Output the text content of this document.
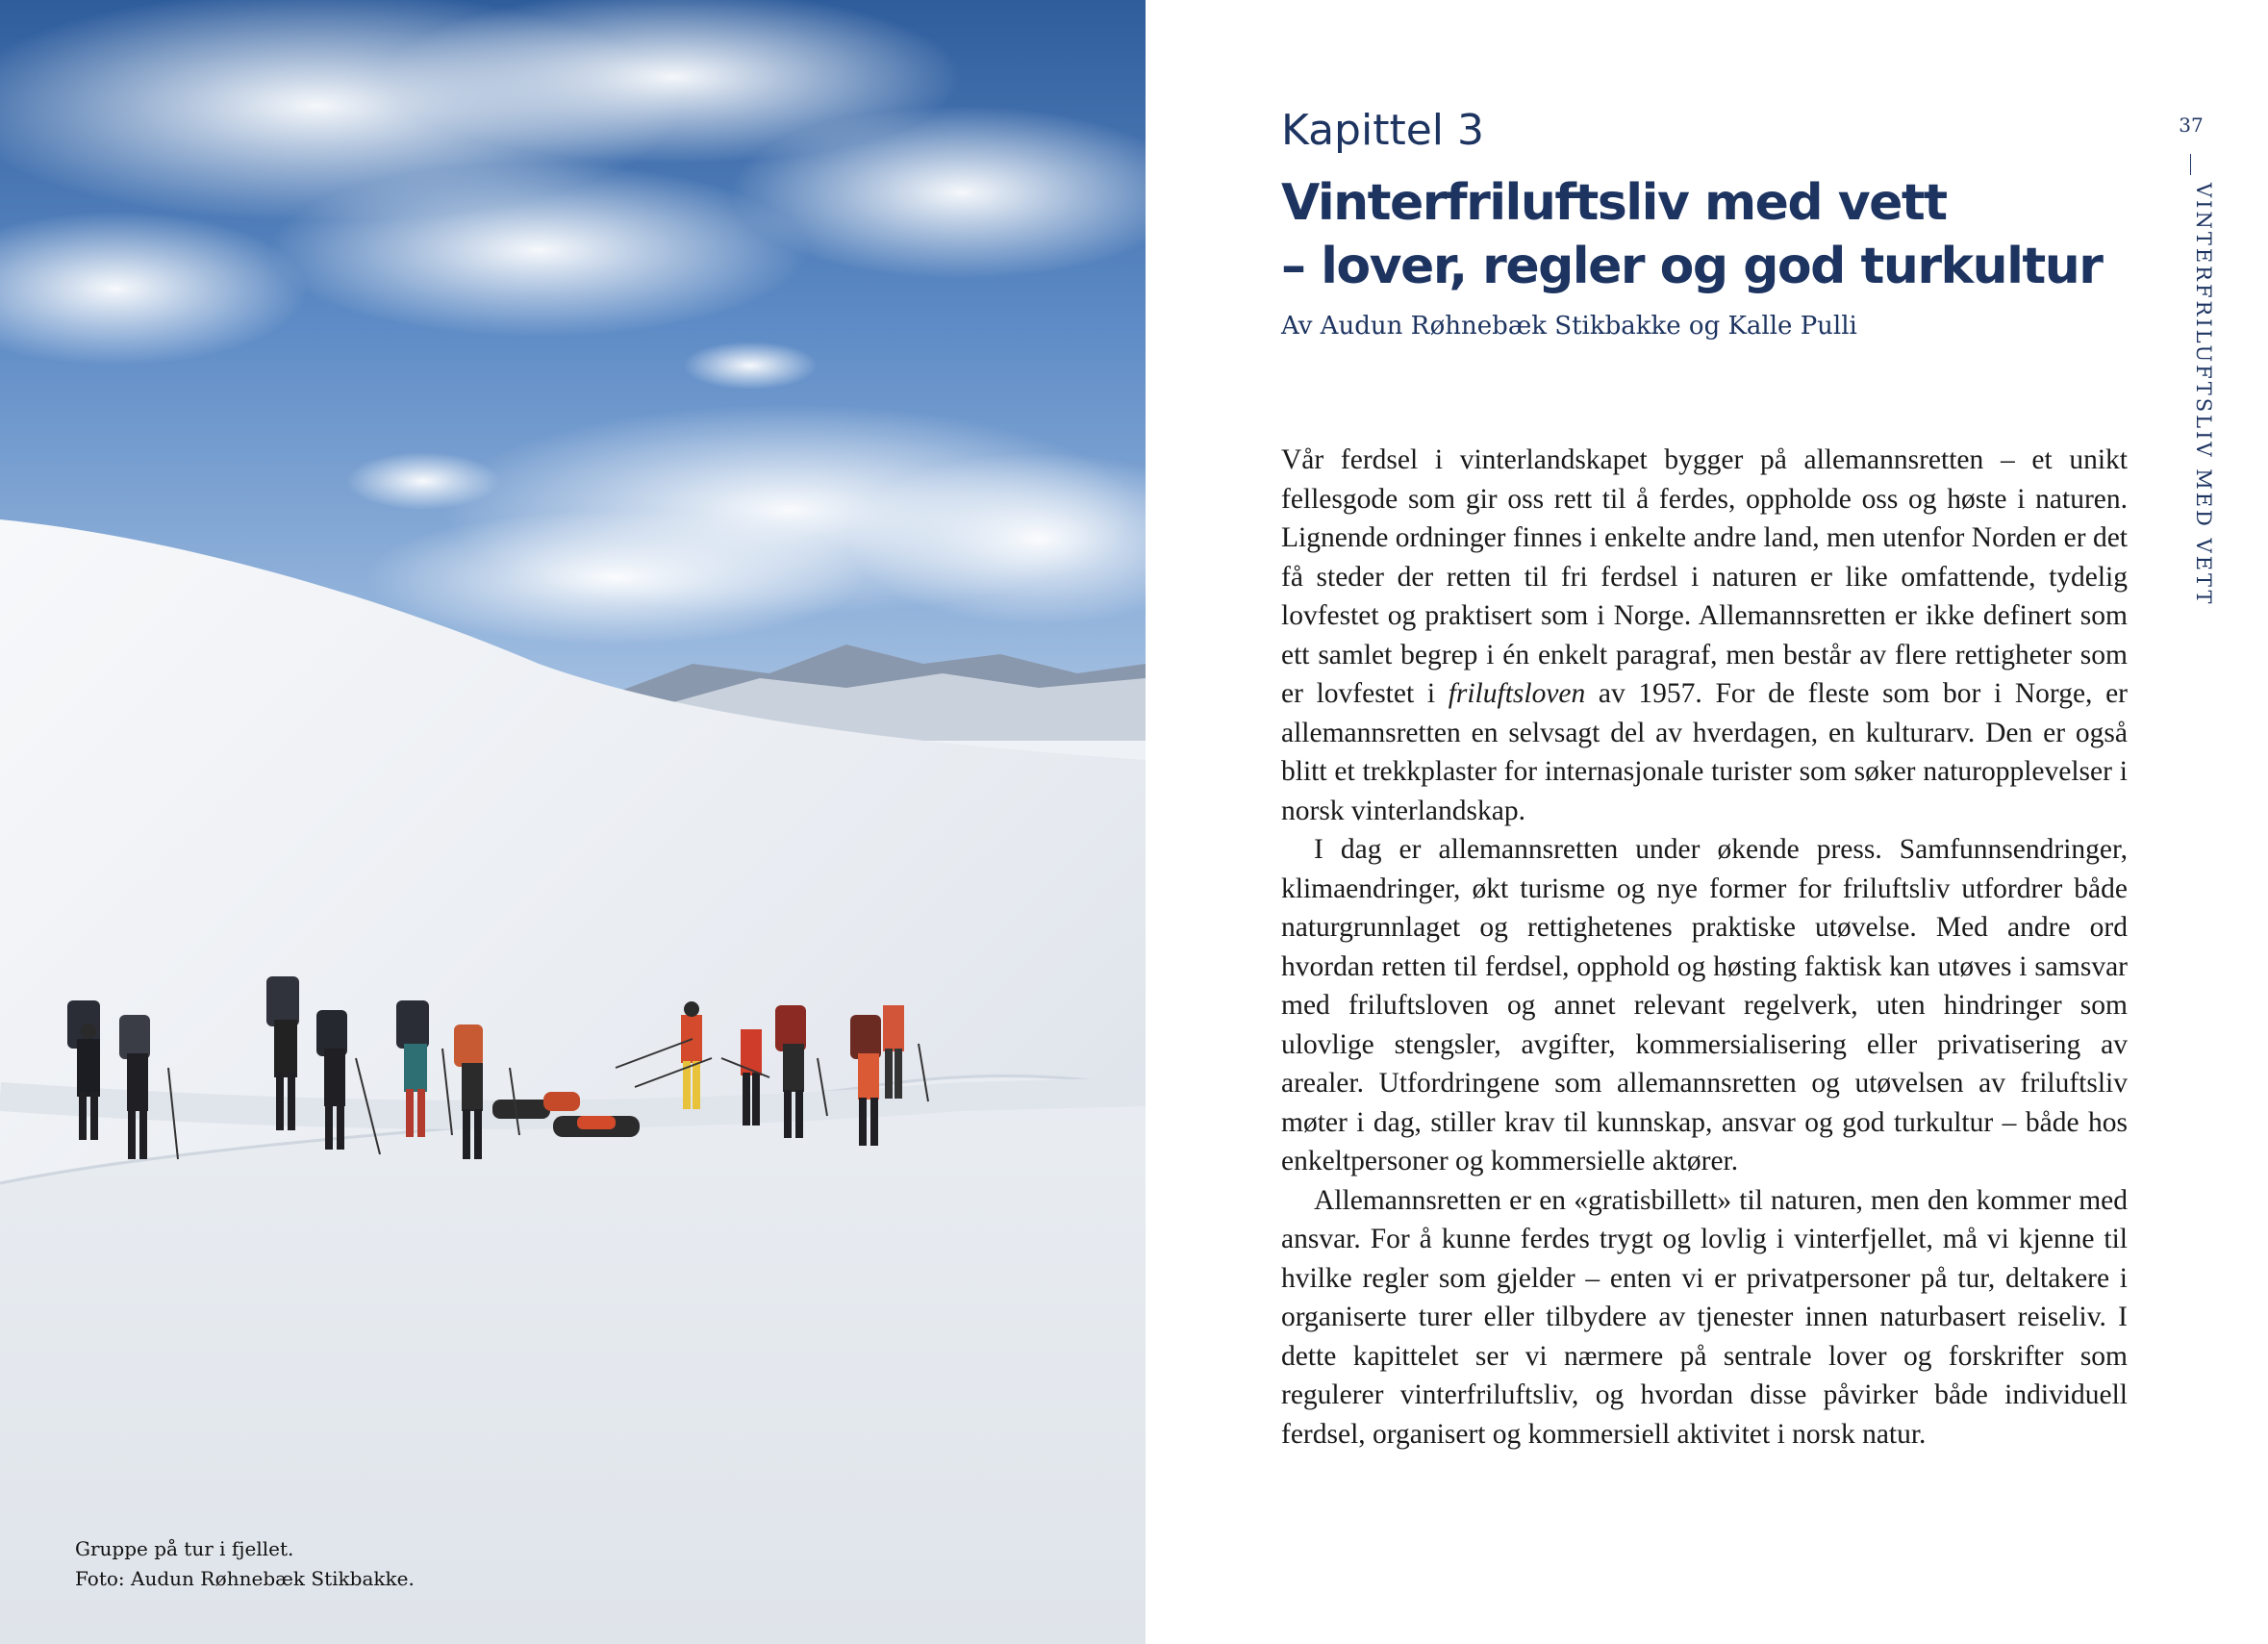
Gruppe på tur i fjellet.
Foto: Audun Røhnebæk Stikbakke.
Kapittel 3
Vinterfriluftsliv med vett
– lover, regler og god turkultur
Av Audun Røhnebæk Stikbakke og Kalle Pulli

Vår ferdsel i vinterlandskapet bygger på allemannsretten – et unikt fellesgode som gir oss rett til å ferdes, oppholde oss og høste i naturen. Lignende ordninger finnes i enkelte andre land, men utenfor Norden er det få steder der retten til fri ferdsel i naturen er like omfattende, tydelig lovfestet og praktisert som i Norge. Allemannsretten er ikke definert som ett samlet begrep i én enkelt paragraf, men består av flere rettigheter som er lovfestet i friluftsloven av 1957. For de fleste som bor i Norge, er allemannsretten en selvsagt del av hverdagen, en kulturarv. Den er også blitt et trekkplaster for internasjonale turister som søker naturopplevelser i norsk vinterlandskap.

I dag er allemannsretten under økende press. Samfunnsendringer, klimaendringer, økt turisme og nye former for friluftsliv utfordrer både naturgrunnlaget og rettighetenes praktiske utøvelse. Med andre ord hvordan retten til ferdsel, opphold og høsting faktisk kan utøves i samsvar med friluftsloven og annet relevant regelverk, uten hindringer som ulovlige stengsler, avgifter, kommersialisering eller privatisering av arealer. Utfordringene som allemannsretten og utøvelsen av friluftsliv møter i dag, stiller krav til kunnskap, ansvar og god turkultur – både hos enkeltpersoner og kommersielle aktører.

Allemannsretten er en «gratisbillett» til naturen, men den kommer med ansvar. For å kunne ferdes trygt og lovlig i vinterfjellet, må vi kjenne til hvilke regler som gjelder – enten vi er privatpersoner på tur, deltakere i organiserte turer eller tilbydere av tjenester innen naturbasert reiseliv. I dette kapittelet ser vi nærmere på sentrale lover og forskrifter som regulerer vinterfriluftsliv, og hvordan disse påvirker både individuell ferdsel, organisert og kommersiell aktivitet i norsk natur.

37
VINTERFRILUFTSLIV MED VETT
